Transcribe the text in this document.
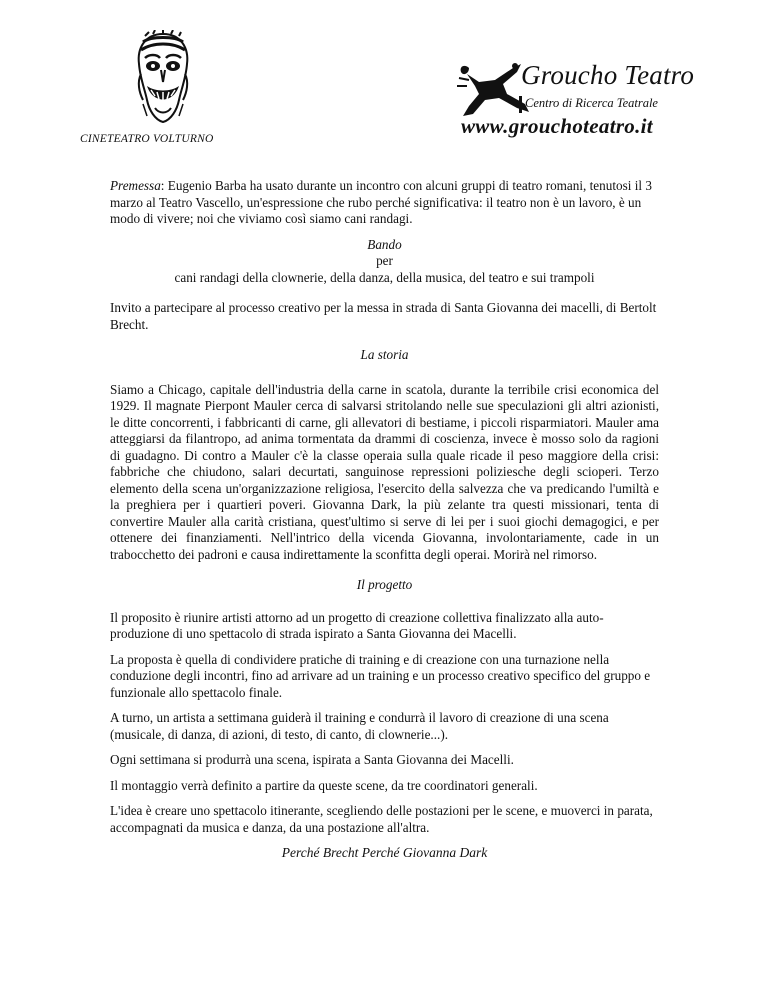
CINETEATRO VOLTURNO
Groucho Teatro
Centro di Ricerca Teatrale
www.grouchoteatro.it

Premessa: Eugenio Barba ha usato durante un incontro con alcuni gruppi di teatro romani, tenutosi il 3 marzo al Teatro Vascello, un'espressione che rubo perché significativa: il teatro non è un lavoro, è un modo di vivere; noi che viviamo così siamo cani randagi.

Bando
per
cani randagi della clownerie, della danza, della musica, del teatro e sui trampoli

Invito a partecipare al processo creativo per la messa in strada di Santa Giovanna dei macelli, di Bertolt Brecht.

La storia

Siamo a Chicago, capitale dell'industria della carne in scatola, durante la terribile crisi economica del 1929. Il magnate Pierpont Mauler cerca di salvarsi stritolando nelle sue speculazioni gli altri azionisti, le ditte concorrenti, i fabbricanti di carne, gli allevatori di bestiame, i piccoli risparmiatori. Mauler ama atteggiarsi da filantropo, ad anima tormentata da drammi di coscienza, invece è mosso solo da ragioni di guadagno. Di contro a Mauler c'è la classe operaia sulla quale ricade il peso maggiore della crisi: fabbriche che chiudono, salari decurtati, sanguinose repressioni poliziesche degli scioperi. Terzo elemento della scena un'organizzazione religiosa, l'esercito della salvezza che va predicando l'umiltà e la preghiera per i quartieri poveri. Giovanna Dark, la più zelante tra questi missionari, tenta di convertire Mauler alla carità cristiana, quest'ultimo si serve di lei per i suoi giochi demagogici, e per ottenere dei finanziamenti. Nell'intrico della vicenda Giovanna, involontariamente, cade in un trabocchetto dei padroni e causa indirettamente la sconfitta degli operai. Morirà nel rimorso.

Il progetto

Il proposito è riunire artisti attorno ad un progetto di creazione collettiva finalizzato alla auto-produzione di uno spettacolo di strada ispirato a Santa Giovanna dei Macelli.

La proposta è quella di condividere pratiche di training e di creazione con una turnazione nella conduzione degli incontri, fino ad arrivare ad un training e un processo creativo specifico del gruppo e funzionale allo spettacolo finale.

A turno, un artista a settimana guiderà il training e condurrà il lavoro di creazione di una scena (musicale, di danza, di azioni, di testo, di canto, di clownerie...).

Ogni settimana si produrrà una scena, ispirata a Santa Giovanna dei Macelli.

Il montaggio verrà definito a partire da queste scene, da tre coordinatori generali.

L'idea è creare uno spettacolo itinerante, scegliendo delle postazioni per le scene, e muoverci in parata, accompagnati da musica e danza, da una postazione all'altra.

Perché Brecht Perché Giovanna Dark
